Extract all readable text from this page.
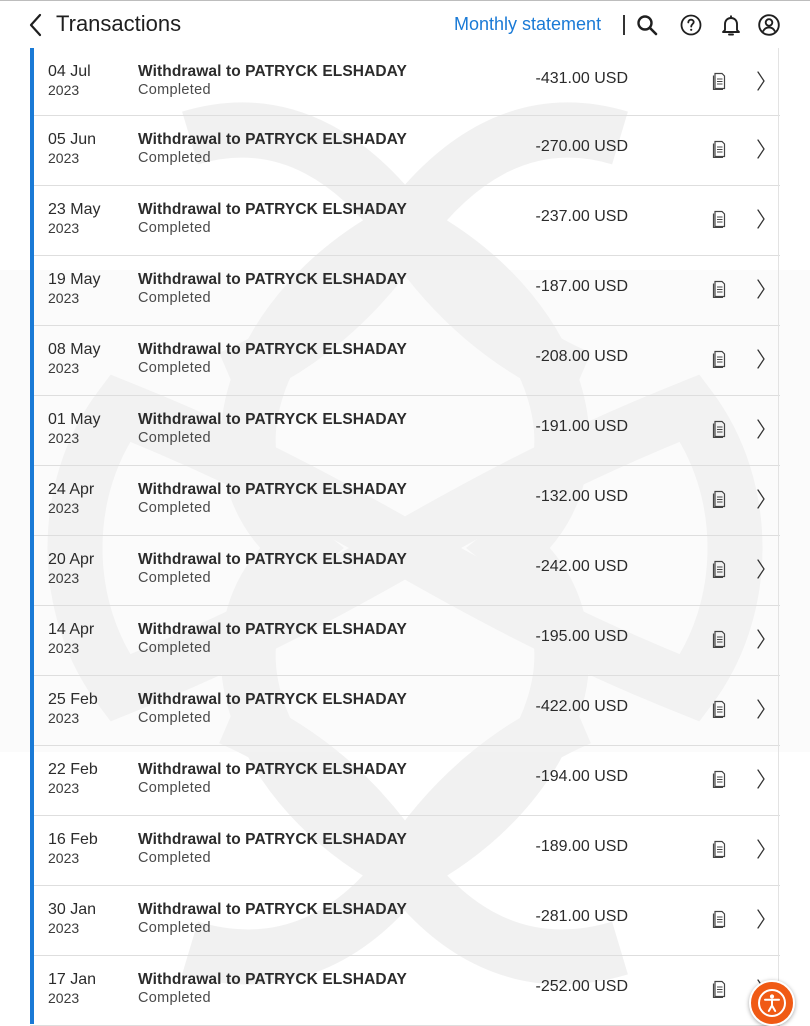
Transactions	Monthly statement
04 Jul
2023
Withdrawal to PATRYCK ELSHADAY
Completed
-431.00 USD
05 Jun
2023
Withdrawal to PATRYCK ELSHADAY
Completed
-270.00 USD
23 May
2023
Withdrawal to PATRYCK ELSHADAY
Completed
-237.00 USD
19 May
2023
Withdrawal to PATRYCK ELSHADAY
Completed
-187.00 USD
08 May
2023
Withdrawal to PATRYCK ELSHADAY
Completed
-208.00 USD
01 May
2023
Withdrawal to PATRYCK ELSHADAY
Completed
-191.00 USD
24 Apr
2023
Withdrawal to PATRYCK ELSHADAY
Completed
-132.00 USD
20 Apr
2023
Withdrawal to PATRYCK ELSHADAY
Completed
-242.00 USD
14 Apr
2023
Withdrawal to PATRYCK ELSHADAY
Completed
-195.00 USD
25 Feb
2023
Withdrawal to PATRYCK ELSHADAY
Completed
-422.00 USD
22 Feb
2023
Withdrawal to PATRYCK ELSHADAY
Completed
-194.00 USD
16 Feb
2023
Withdrawal to PATRYCK ELSHADAY
Completed
-189.00 USD
30 Jan
2023
Withdrawal to PATRYCK ELSHADAY
Completed
-281.00 USD
17 Jan
2023
Withdrawal to PATRYCK ELSHADAY
Completed
-252.00 USD
